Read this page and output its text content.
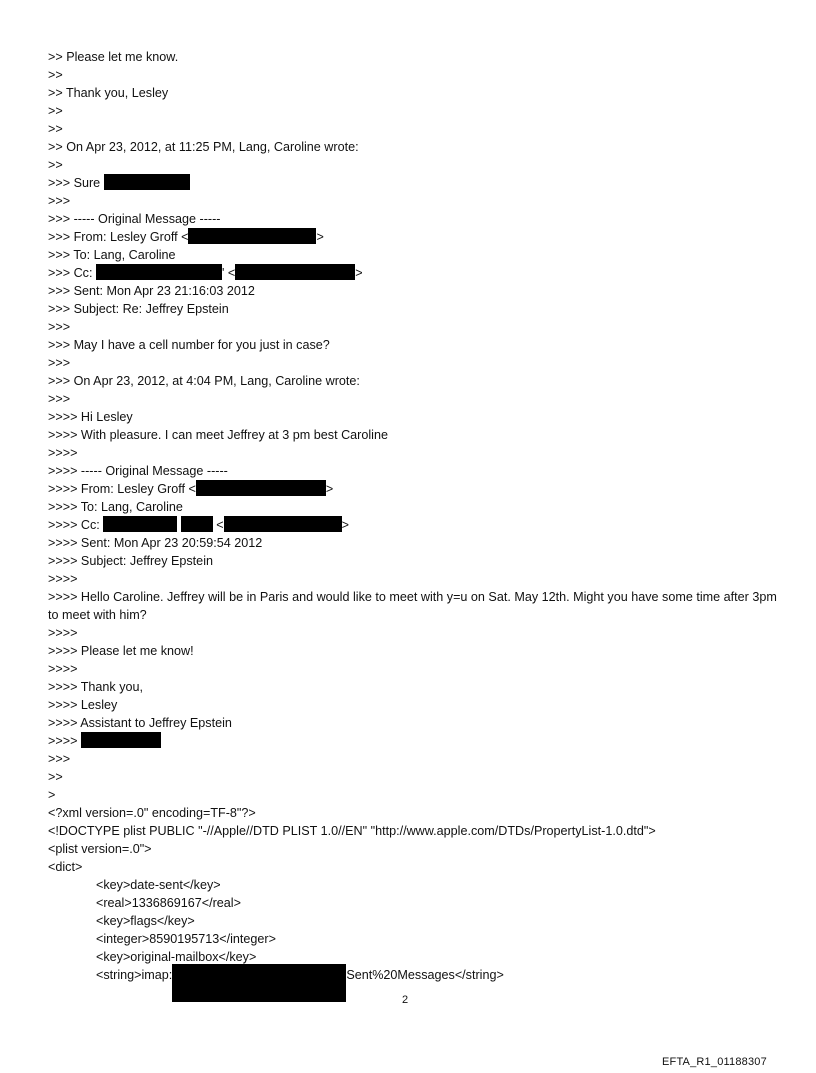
>> Please let me know.
>>
>> Thank you, Lesley
>>
>>
>> On Apr 23, 2012, at 11:25 PM, Lang, Caroline wrote:
>>
>>> Sure
>>>
>>> ----- Original Message -----
>>> From: Lesley Groff <	>
>>> To: Lang, Caroline
>>> Cc:	' <	>
>>> Sent: Mon Apr 23 21:16:03 2012
>>> Subject: Re: Jeffrey Epstein
>>>
>>> May I have a cell number for you just in case?
>>>
>>> On Apr 23, 2012, at 4:04 PM, Lang, Caroline wrote:
>>>
>>>> Hi Lesley
>>>> With pleasure. I can meet Jeffrey at 3 pm best Caroline
>>>>
>>>> ----- Original Message -----
>>>> From: Lesley Groff <	>
>>>> To: Lang, Caroline
>>>> Cc:	<	>
>>>> Sent: Mon Apr 23 20:59:54 2012
>>>> Subject: Jeffrey Epstein
>>>>
>>>> Hello Caroline. Jeffrey will be in Paris and would like to meet with y=u on Sat. May 12th. Might you have some time after 3pm to meet with him?
>>>>
>>>> Please let me know!
>>>>
>>>> Thank you,
>>>> Lesley
>>>> Assistant to Jeffrey Epstein
>>>>
>>>
>>
>
<?xml version=.0" encoding=TF-8"?>
<!DOCTYPE plist PUBLIC "-//Apple//DTD PLIST 1.0//EN" "http://www.apple.com/DTDs/PropertyList-1.0.dtd">
<plist version=.0">
<dict>
<key>date-sent</key>
<real>1336869167</real>
<key>flags</key>
<integer>8590195713</integer>
<key>original-mailbox</key>
<string>imap:	Sent%20Messages</string>
2
EFTA_R1_01188307
